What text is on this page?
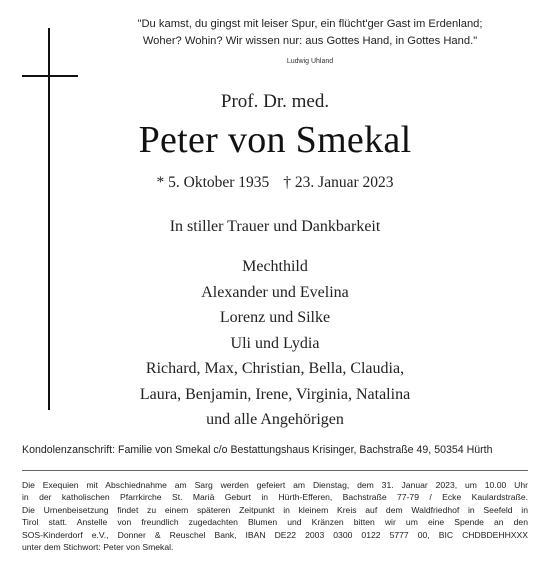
"Du kamst, du gingst mit leiser Spur, ein flücht'ger Gast im Erdenland;
Woher? Wohin? Wir wissen nur: aus Gottes Hand, in Gottes Hand."
Ludwig Uhland
Prof. Dr. med.
Peter von Smekal
* 5. Oktober 1935 † 23. Januar 2023
In stiller Trauer und Dankbarkeit
Mechthild
Alexander und Evelina
Lorenz und Silke
Uli und Lydia
Richard, Max, Christian, Bella, Claudia,
Laura, Benjamin, Irene, Virginia, Natalina
und alle Angehörigen
Kondolenzanschrift: Familie von Smekal c/o Bestattungshaus Krisinger, Bachstraße 49, 50354 Hürth
Die Exequien mit Abschiednahme am Sarg werden gefeiert am Dienstag, dem 31. Januar 2023, um 10.00 Uhr
in der katholischen Pfarrkirche St. Mariä Geburt in Hürth-Efferen, Bachstraße 77-79 / Ecke Kaulardstraße.
Die Urnenbeisetzung findet zu einem späteren Zeitpunkt in kleinem Kreis auf dem Waldfriedhof in Seefeld in
Tirol statt. Anstelle von freundlich zugedachten Blumen und Kränzen bitten wir um eine Spende an den
SOS-Kinderdorf e.V., Donner & Reuschel Bank, IBAN DE22 2003 0300 0122 5777 00, BIC CHDBDEHHXXX
unter dem Stichwort: Peter von Smekal.
